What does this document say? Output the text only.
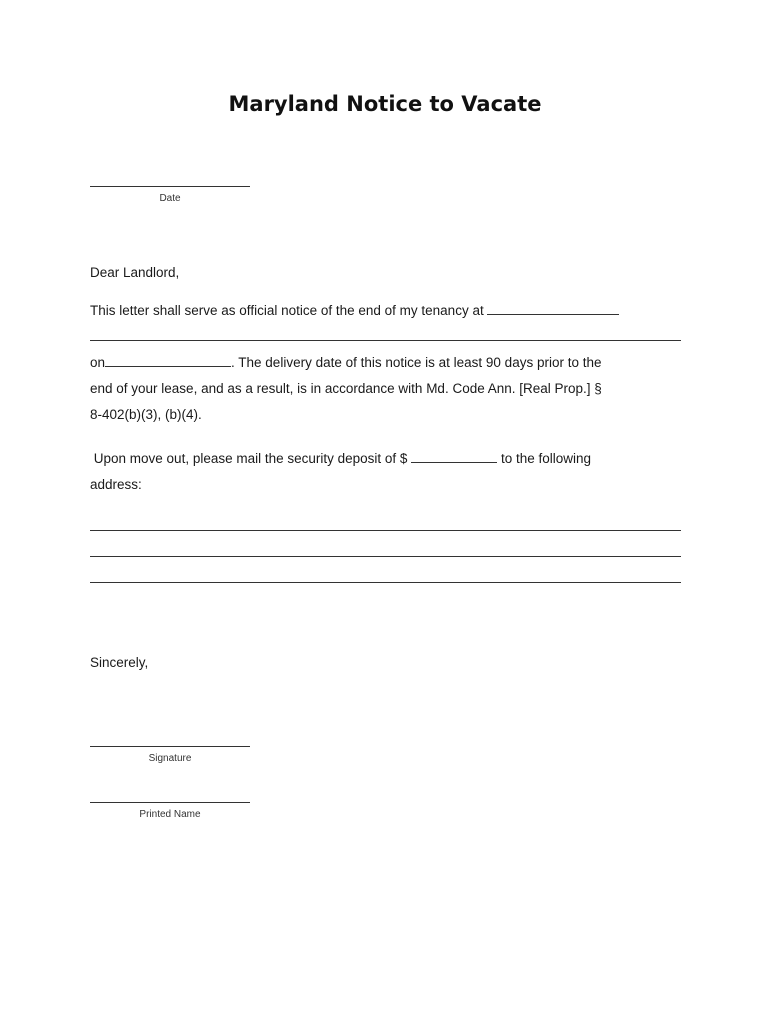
Maryland Notice to Vacate
Date
Dear Landlord,
This letter shall serve as official notice of the end of my tenancy at
on	. The delivery date of this notice is at least 90 days prior to the
end of your lease, and as a result, is in accordance with Md. Code Ann. [Real Prop.] §
8-402(b)(3), (b)(4).
Upon move out, please mail the security deposit of $	to the following
address:
Sincerely,
Signature
Printed Name
